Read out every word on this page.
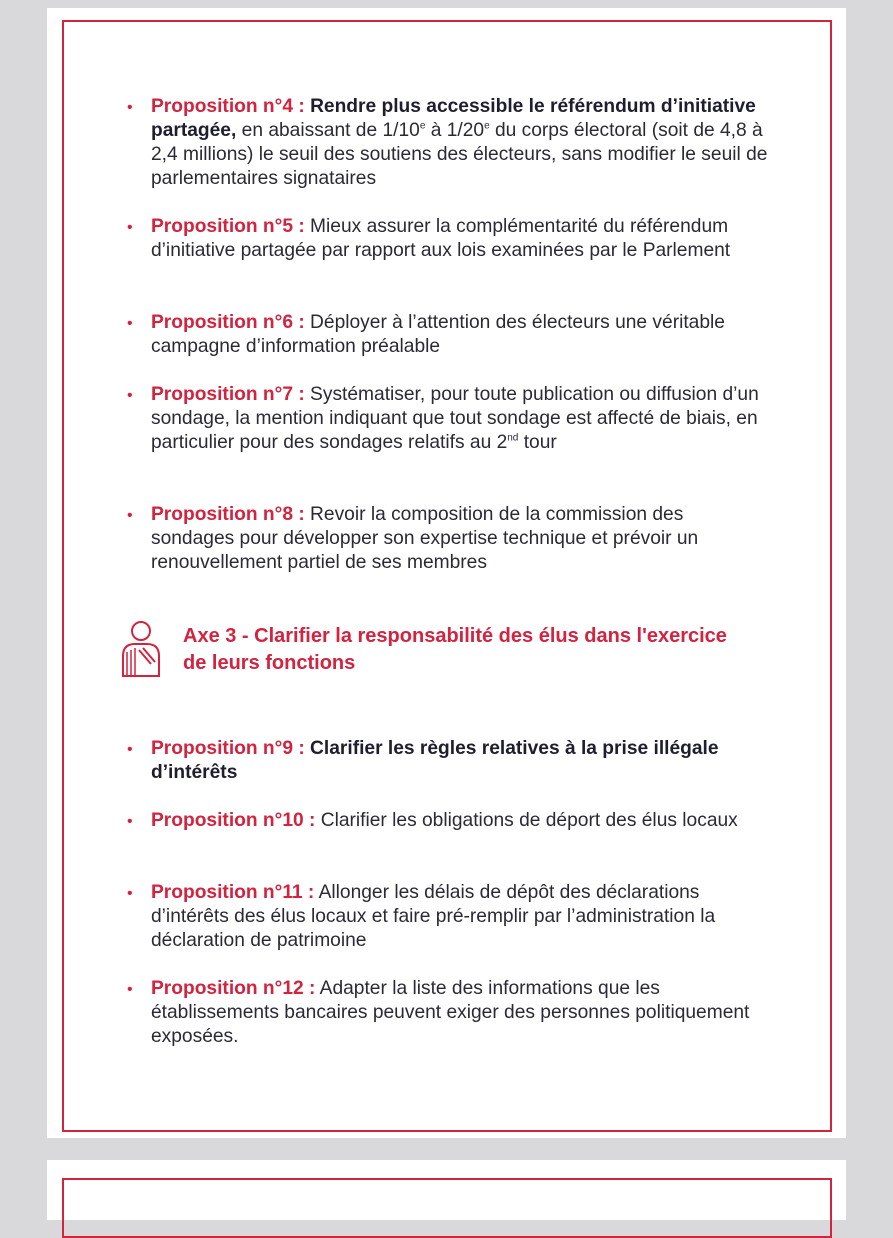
• Proposition n°4 : Rendre plus accessible le référendum d’initiative partagée, en abaissant de 1/10e à 1/20e du corps électoral (soit de 4,8 à 2,4 millions) le seuil des soutiens des électeurs, sans modifier le seuil de parlementaires signataires
• Proposition n°5 : Mieux assurer la complémentarité du référendum d’initiative partagée par rapport aux lois examinées par le Parlement
• Proposition n°6 : Déployer à l’attention des électeurs une véritable campagne d’information préalable
• Proposition n°7 : Systématiser, pour toute publication ou diffusion d’un sondage, la mention indiquant que tout sondage est affecté de biais, en particulier pour des sondages relatifs au 2nd tour
• Proposition n°8 : Revoir la composition de la commission des sondages pour développer son expertise technique et prévoir un renouvellement partiel de ses membres
Axe 3 - Clarifier la responsabilité des élus dans l'exercice de leurs fonctions
• Proposition n°9 : Clarifier les règles relatives à la prise illégale d’intérêts
• Proposition n°10 : Clarifier les obligations de déport des élus locaux
• Proposition n°11 : Allonger les délais de dépôt des déclarations d’intérêts des élus locaux et faire pré-remplir par l’administration la déclaration de patrimoine
• Proposition n°12 : Adapter la liste des informations que les établissements bancaires peuvent exiger des personnes politiquement exposées.
